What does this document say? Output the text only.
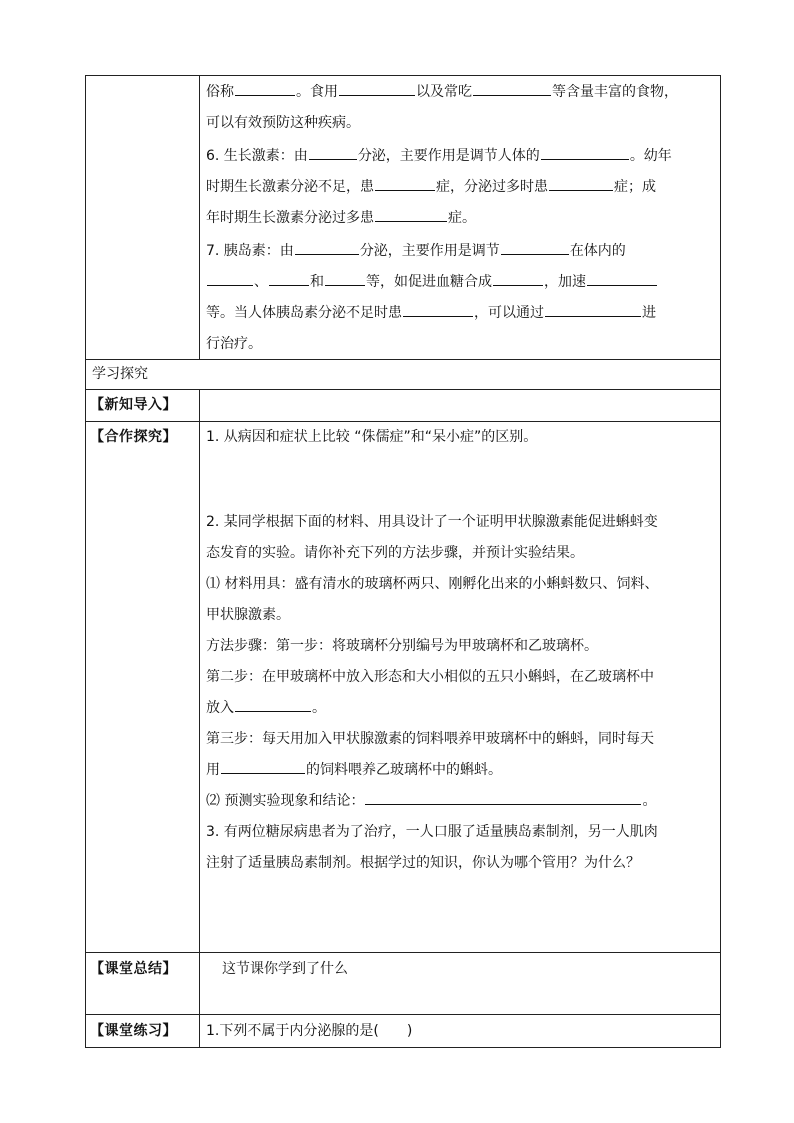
俗称	。食用	以及常吃	等含量丰富的食物，

可以有效预防这种疾病。

6. 生长激素：由	分泌，主要作用是调节人体的	。幼年

时期生长激素分泌不足，患	症，分泌过多时患	症；成

年时期生长激素分泌过多患	症。

7. 胰岛素：由	分泌，主要作用是调节	在体内的

、	和	等，如促进血糖合成	，加速

等。当人体胰岛素分泌不足时患	，可以通过	进

行治疗。

学习探究
【新知导入】
【合作探究】 1. 从病因和症状上比较 “侏儒症”和“呆小症”的区别。

2. 某同学根据下面的材料、用具设计了一个证明甲状腺激素能促进蝌蚪变

态发育的实验。请你补充下列的方法步骤，并预计实验结果。

⑴ 材料用具：盛有清水的玻璃杯两只、刚孵化出来的小蝌蚪数只、饲料、

甲状腺激素。

方法步骤：第一步：将玻璃杯分别编号为甲玻璃杯和乙玻璃杯。

第二步：在甲玻璃杯中放入形态和大小相似的五只小蝌蚪，在乙玻璃杯中

放入	。

第三步：每天用加入甲状腺激素的饲料喂养甲玻璃杯中的蝌蚪，同时每天

用	的饲料喂养乙玻璃杯中的蝌蚪。

⑵ 预测实验现象和结论：	。

3. 有两位糖尿病患者为了治疗，一人口服了适量胰岛素制剂，另一人肌肉

注射了适量胰岛素制剂。根据学过的知识，你认为哪个管用？为什么？

【课堂总结】	这节课你学到了什么
【课堂练习】 1.下列不属于内分泌腺的是(　　)
